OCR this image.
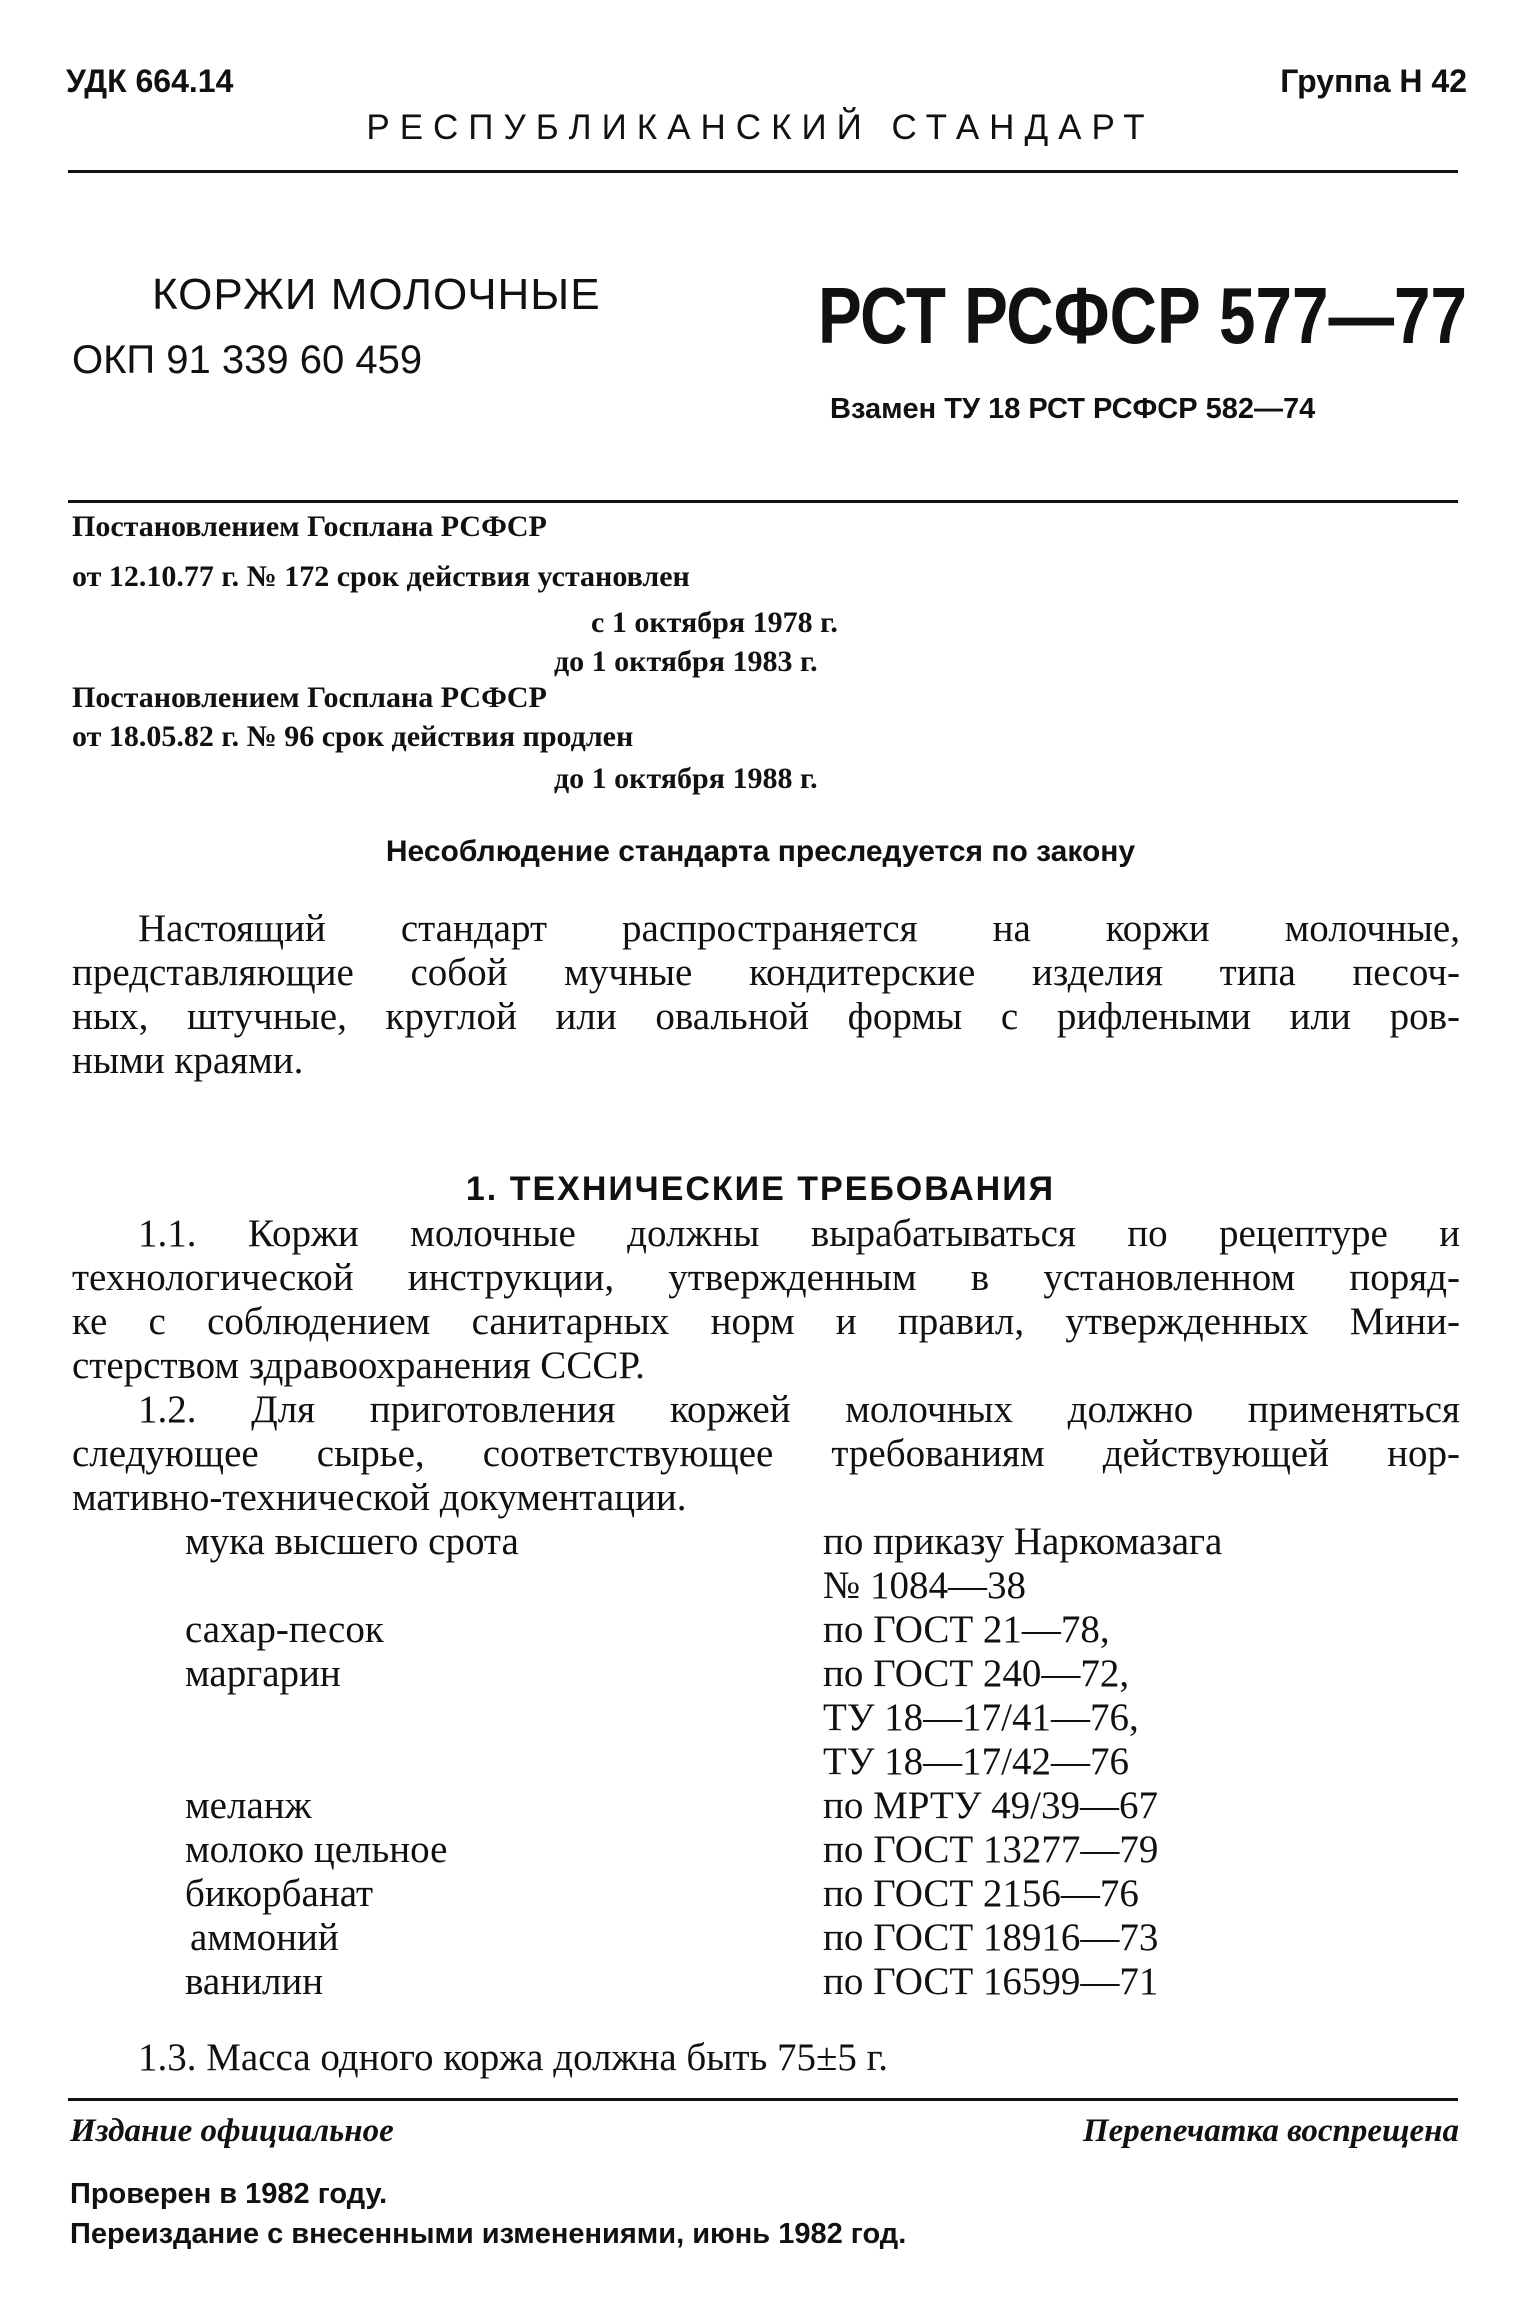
УДК 664.14	Группа Н 42
РЕСПУБЛИКАНСКИЙ СТАНДАРТ
КОРЖИ МОЛОЧНЫЕ
ОКП 91 339 60 459	РСТ РСФСР 577—77
Взамен ТУ 18 РСТ РСФСР 582—74
Постановлением Госплана РСФСР
от 12.10.77 г. № 172 срок действия установлен
с 1 октября 1978 г.
до 1 октября 1983 г.
Постановлением Госплана РСФСР
от 18.05.82 г. № 96 срок действия продлен
до 1 октября 1988 г.
Несоблюдение стандарта преследуется по закону
Настоящий стандарт распространяется на коржи молочные,
представляющие собой мучные кондитерские изделия типа песоч-
ных, штучные, круглой или овальной формы с рифлеными или ров-
ными краями.
1. ТЕХНИЧЕСКИЕ ТРЕБОВАНИЯ
1.1. Коржи молочные должны вырабатываться по рецептуре и
технологической инструкции, утвержденным в установленном поряд-
ке с соблюдением санитарных норм и правил, утвержденных Мини-
стерством здравоохранения СССР.
1.2. Для приготовления коржей молочных должно применяться
следующее сырье, соответствующее требованиям действующей нор-
мативно-технической документации.
мука высшего срота	по приказу Наркомазага
№ 1084—38
сахар-песок	по ГОСТ 21—78,
маргарин	по ГОСТ 240—72,
ТУ 18—17/41—76,
ТУ 18—17/42—76
меланж	по МРТУ 49/39—67
молоко цельное	по ГОСТ 13277—79
бикорбанат	по ГОСТ 2156—76
аммоний	по ГОСТ 18916—73
ванилин	по ГОСТ 16599—71
1.3. Масса одного коржа должна быть 75±5 г.
Издание официальное	Перепечатка воспрещена
Проверен в 1982 году.
Переиздание с внесенными изменениями, июнь 1982 год.
